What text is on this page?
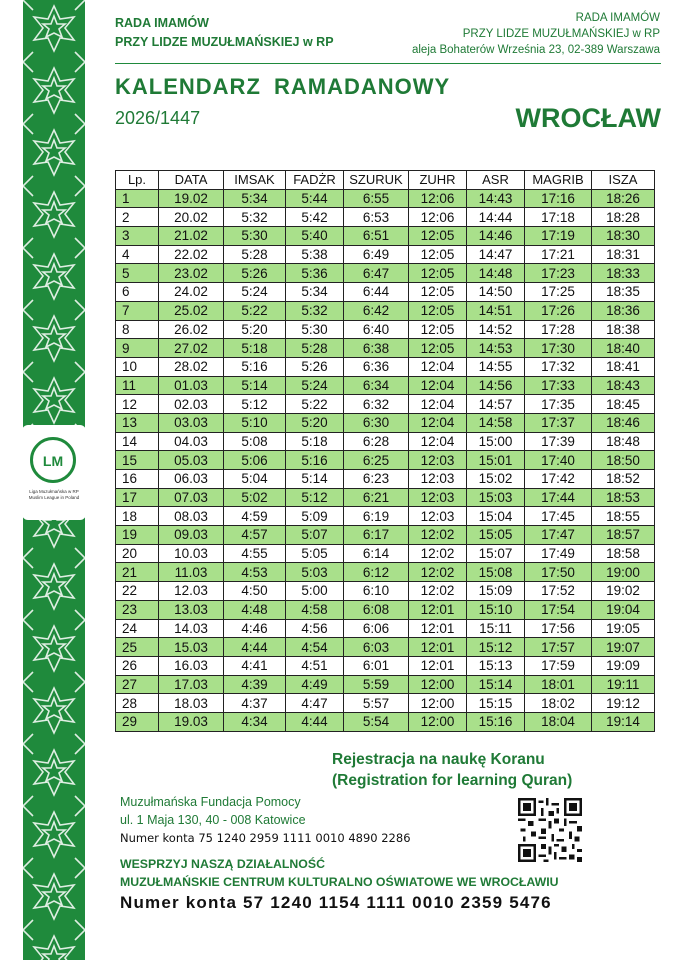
LM
Liga Muzułmańska w RP Muslim League in Poland
RADA IMAMÓW
PRZY LIDZE MUZUŁMAŃSKIEJ w RP
RADA IMAMÓW
PRZY LIDZE MUZUŁMAŃSKIEJ w RP
aleja Bohaterów Września 23, 02-389 Warszawa
KALENDARZ RAMADANOWY
2026/1447	WROCŁAW
Lp.	DATA	IMSAK	FADŻR	SZURUK	ZUHR	ASR	MAGRIB	ISZA
1	19.02	5:34	5:44	6:55	12:06	14:43	17:16	18:26
2	20.02	5:32	5:42	6:53	12:06	14:44	17:18	18:28
3	21.02	5:30	5:40	6:51	12:05	14:46	17:19	18:30
4	22.02	5:28	5:38	6:49	12:05	14:47	17:21	18:31
5	23.02	5:26	5:36	6:47	12:05	14:48	17:23	18:33
6	24.02	5:24	5:34	6:44	12:05	14:50	17:25	18:35
7	25.02	5:22	5:32	6:42	12:05	14:51	17:26	18:36
8	26.02	5:20	5:30	6:40	12:05	14:52	17:28	18:38
9	27.02	5:18	5:28	6:38	12:05	14:53	17:30	18:40
10	28.02	5:16	5:26	6:36	12:04	14:55	17:32	18:41
11	01.03	5:14	5:24	6:34	12:04	14:56	17:33	18:43
12	02.03	5:12	5:22	6:32	12:04	14:57	17:35	18:45
13	03.03	5:10	5:20	6:30	12:04	14:58	17:37	18:46
14	04.03	5:08	5:18	6:28	12:04	15:00	17:39	18:48
15	05.03	5:06	5:16	6:25	12:03	15:01	17:40	18:50
16	06.03	5:04	5:14	6:23	12:03	15:02	17:42	18:52
17	07.03	5:02	5:12	6:21	12:03	15:03	17:44	18:53
18	08.03	4:59	5:09	6:19	12:03	15:04	17:45	18:55
19	09.03	4:57	5:07	6:17	12:02	15:05	17:47	18:57
20	10.03	4:55	5:05	6:14	12:02	15:07	17:49	18:58
21	11.03	4:53	5:03	6:12	12:02	15:08	17:50	19:00
22	12.03	4:50	5:00	6:10	12:02	15:09	17:52	19:02
23	13.03	4:48	4:58	6:08	12:01	15:10	17:54	19:04
24	14.03	4:46	4:56	6:06	12:01	15:11	17:56	19:05
25	15.03	4:44	4:54	6:03	12:01	15:12	17:57	19:07
26	16.03	4:41	4:51	6:01	12:01	15:13	17:59	19:09
27	17.03	4:39	4:49	5:59	12:00	15:14	18:01	19:11
28	18.03	4:37	4:47	5:57	12:00	15:15	18:02	19:12
29	19.03	4:34	4:44	5:54	12:00	15:16	18:04	19:14
Rejestracja na naukę Koranu
(Registration for learning Quran)
Muzułmańska Fundacja Pomocy
ul. 1 Maja 130, 40 - 008 Katowice
Numer konta 75 1240 2959 1111 0010 4890 2286
WESPRZYJ NASZĄ DZIAŁALNOŚĆ
MUZUŁMAŃSKIE CENTRUM KULTURALNO OŚWIATOWE WE WROCŁAWIU
Numer konta 57 1240 1154 1111 0010 2359 5476
